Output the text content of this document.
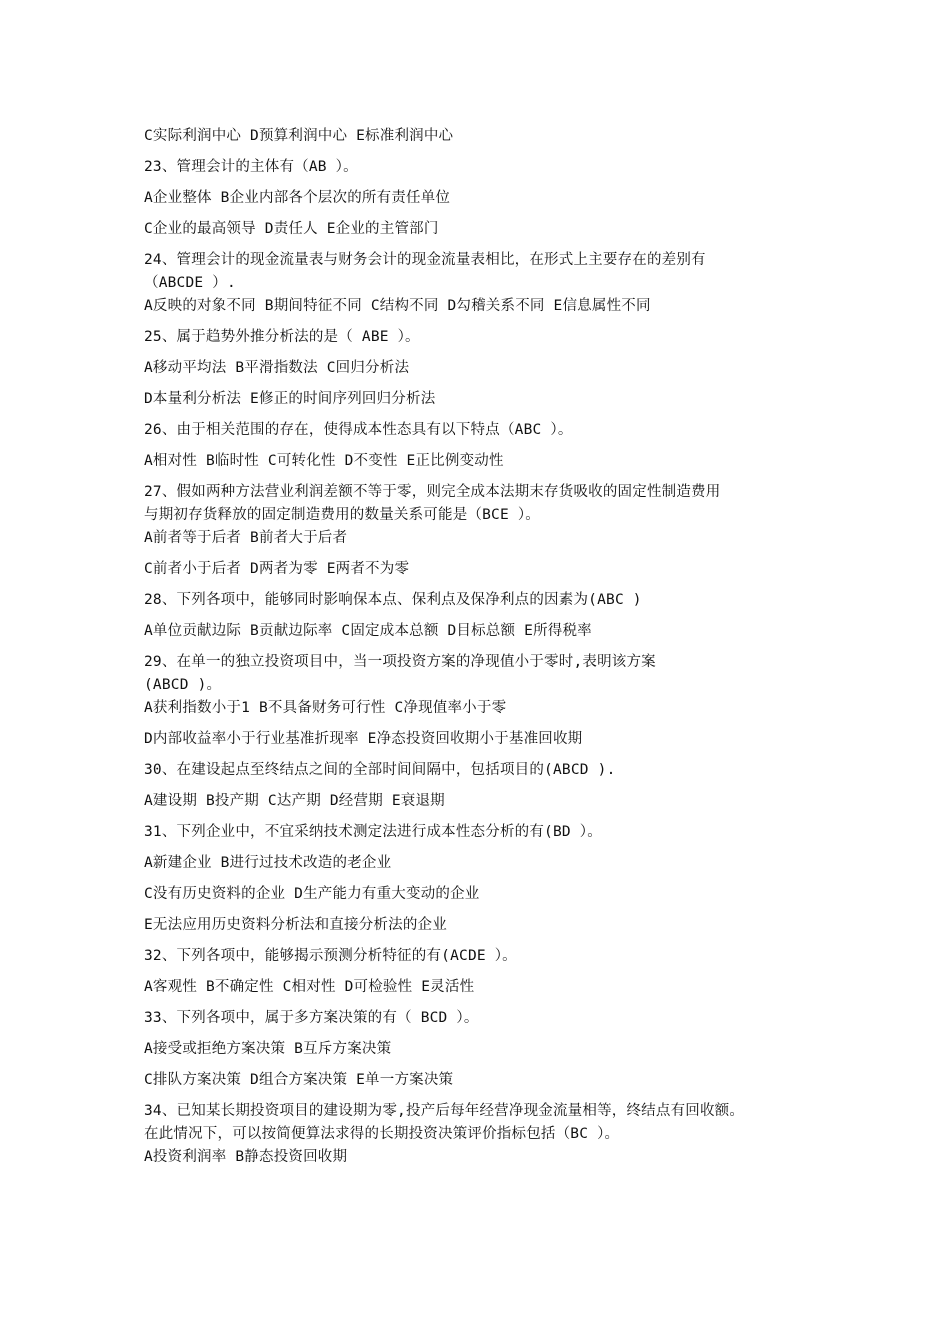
C实际利润中心 D预算利润中心 E标准利润中心
23、管理会计的主体有（AB ）。
A企业整体 B企业内部各个层次的所有责任单位
C企业的最高领导 D责任人 E企业的主管部门
24、管理会计的现金流量表与财务会计的现金流量表相比，在形式上主要存在的差别有
（ABCDE ）.
A反映的对象不同 B期间特征不同 C结构不同 D勾稽关系不同 E信息属性不同
25、属于趋势外推分析法的是（ ABE ）。
A移动平均法 B平滑指数法 C回归分析法
D本量利分析法 E修正的时间序列回归分析法
26、由于相关范围的存在，使得成本性态具有以下特点（ABC ）。
A相对性 B临时性 C可转化性 D不变性 E正比例变动性
27、假如两种方法营业利润差额不等于零，则完全成本法期末存货吸收的固定性制造费用
与期初存货释放的固定制造费用的数量关系可能是（BCE ）。
A前者等于后者 B前者大于后者
C前者小于后者 D两者为零 E两者不为零
28、下列各项中，能够同时影响保本点、保利点及保净利点的因素为(ABC )
A单位贡献边际 B贡献边际率 C固定成本总额 D目标总额 E所得税率
29、在单一的独立投资项目中，当一项投资方案的净现值小于零时,表明该方案
(ABCD )。
A获利指数小于1 B不具备财务可行性 C净现值率小于零
D内部收益率小于行业基准折现率 E净态投资回收期小于基准回收期
30、在建设起点至终结点之间的全部时间间隔中，包括项目的(ABCD ).
A建设期 B投产期 C达产期 D经营期 E衰退期
31、下列企业中，不宜采纳技术测定法进行成本性态分析的有(BD ）。
A新建企业 B进行过技术改造的老企业
C没有历史资料的企业 D生产能力有重大变动的企业
E无法应用历史资料分析法和直接分析法的企业
32、下列各项中，能够揭示预测分析特征的有(ACDE ）。
A客观性 B不确定性 C相对性 D可检验性 E灵活性
33、下列各项中，属于多方案决策的有（ BCD ）。
A接受或拒绝方案决策 B互斥方案决策
C排队方案决策 D组合方案决策 E单一方案决策
34、已知某长期投资项目的建设期为零,投产后每年经营净现金流量相等，终结点有回收额。
在此情况下，可以按简便算法求得的长期投资决策评价指标包括（BC ）。
A投资利润率 B静态投资回收期
